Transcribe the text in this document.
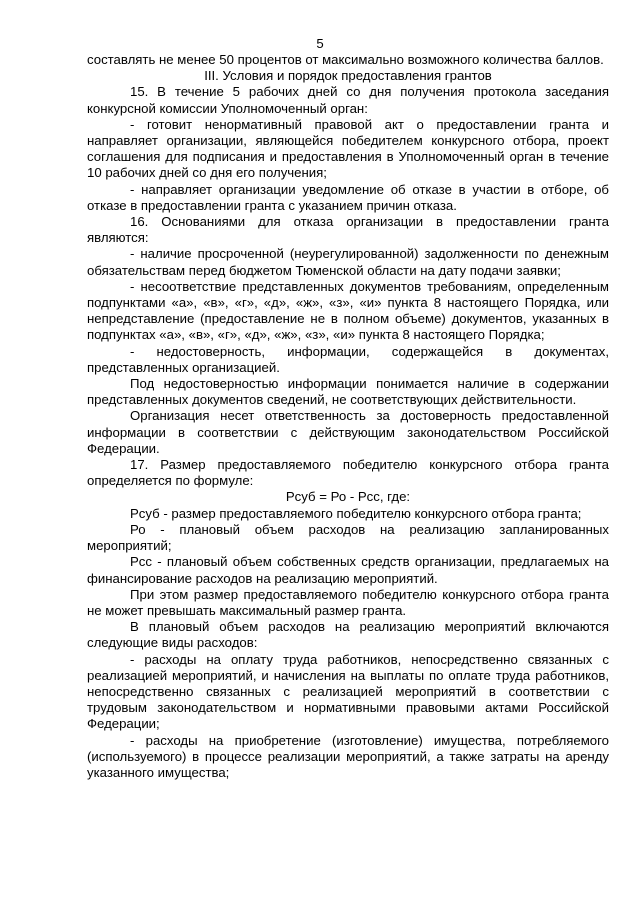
5

составлять не менее 50 процентов от максимально возможного количества баллов.

III. Условия и порядок предоставления грантов

15. В течение 5 рабочих дней со дня получения протокола заседания конкурсной комиссии Уполномоченный орган:

- готовит ненормативный правовой акт о предоставлении гранта и направляет организации, являющейся победителем конкурсного отбора, проект соглашения для подписания и предоставления в Уполномоченный орган в течение 10 рабочих дней со дня его получения;

- направляет организации уведомление об отказе в участии в отборе, об отказе в предоставлении гранта с указанием причин отказа.

16. Основаниями для отказа организации в предоставлении гранта являются:

- наличие просроченной (неурегулированной) задолженности по денежным обязательствам перед бюджетом Тюменской области на дату подачи заявки;

- несоответствие представленных документов требованиям, определенным подпунктами «а», «в», «г», «д», «ж», «з», «и» пункта 8 настоящего Порядка, или непредставление (предоставление не в полном объеме) документов, указанных в подпунктах «а», «в», «г», «д», «ж», «з», «и» пункта 8 настоящего Порядка;

- недостоверность, информации, содержащейся в документах, представленных организацией.

Под недостоверностью информации понимается наличие в содержании представленных документов сведений, не соответствующих действительности.

Организация несет ответственность за достоверность предоставленной информации в соответствии с действующим законодательством Российской Федерации.

17. Размер предоставляемого победителю конкурсного отбора гранта определяется по формуле:

Рсуб = Ро - Рсс, где:

Рсуб - размер предоставляемого победителю конкурсного отбора гранта;

Ро - плановый объем расходов на реализацию запланированных мероприятий;

Рсс - плановый объем собственных средств организации, предлагаемых на финансирование расходов на реализацию мероприятий.

При этом размер предоставляемого победителю конкурсного отбора гранта не может превышать максимальный размер гранта.

В плановый объем расходов на реализацию мероприятий включаются следующие виды расходов:

- расходы на оплату труда работников, непосредственно связанных с реализацией мероприятий, и начисления на выплаты по оплате труда работников, непосредственно связанных с реализацией мероприятий в соответствии с трудовым законодательством и нормативными правовыми актами Российской Федерации;

- расходы на приобретение (изготовление) имущества, потребляемого (используемого) в процессе реализации мероприятий, а также затраты на аренду указанного имущества;
